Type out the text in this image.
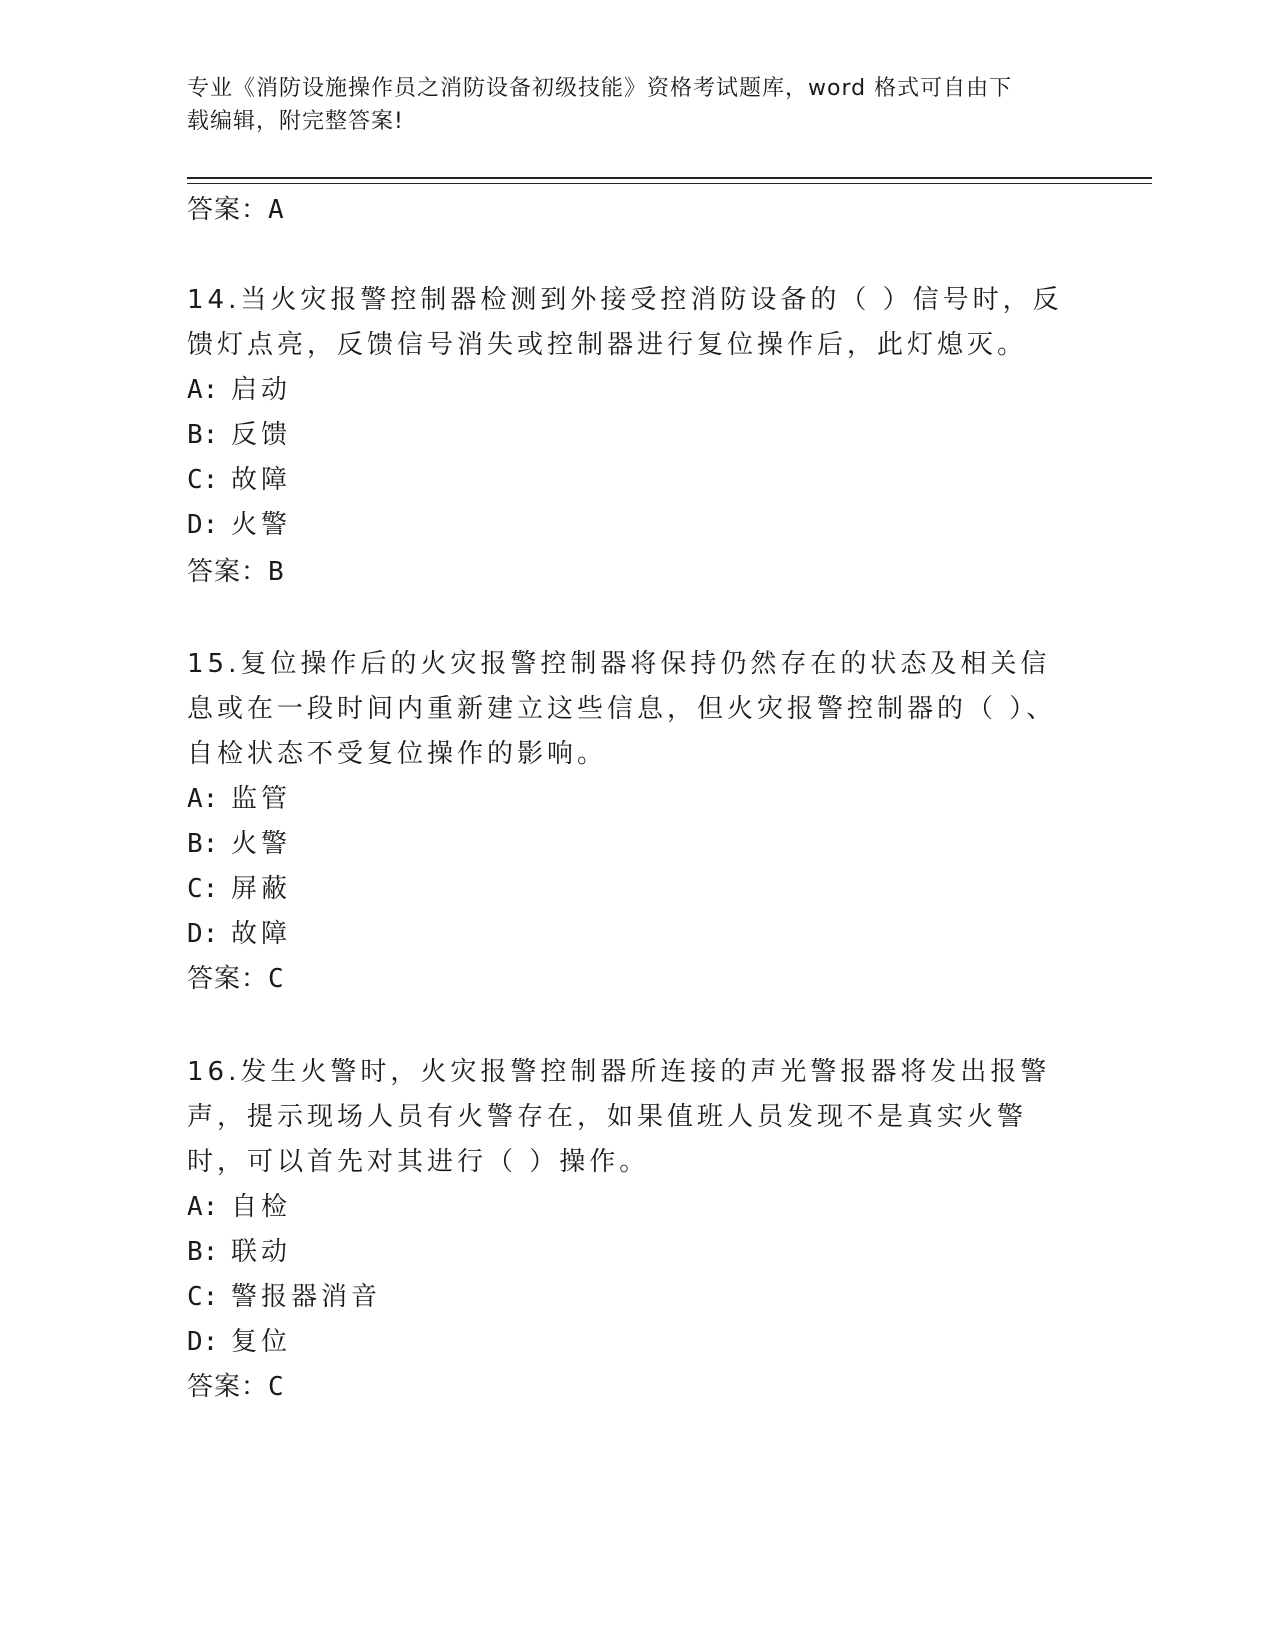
专业《消防设施操作员之消防设备初级技能》资格考试题库，word 格式可自由下
载编辑，附完整答案!
答案：A

14.当火灾报警控制器检测到外接受控消防设备的（ ）信号时，反馈灯点亮，反馈信号消失或控制器进行复位操作后，此灯熄灭。

A: 启动
B: 反馈
C: 故障
D: 火警
答案：B

15.复位操作后的火灾报警控制器将保持仍然存在的状态及相关信息或在一段时间内重新建立这些信息，但火灾报警控制器的（ ）、自检状态不受复位操作的影响。

A: 监管
B: 火警
C: 屏蔽
D: 故障
答案：C

16.发生火警时，火灾报警控制器所连接的声光警报器将发出报警声，提示现场人员有火警存在，如果值班人员发现不是真实火警时，可以首先对其进行（ ）操作。

A: 自检
B: 联动
C: 警报器消音
D: 复位
答案：C
